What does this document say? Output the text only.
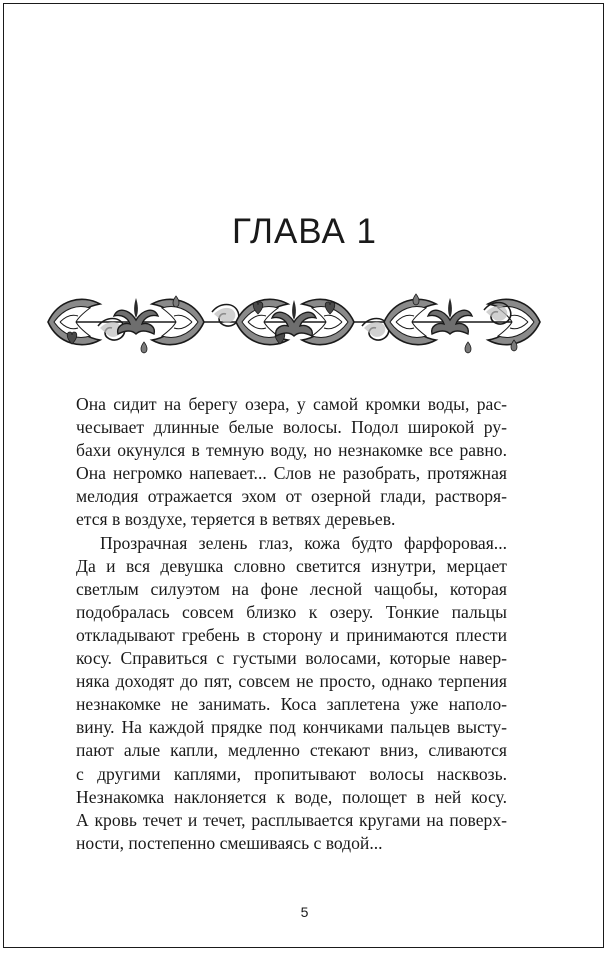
ГЛАВА 1
Она сидит на берегу озера, у самой кромки воды, рас-
чесывает длинные белые волосы. Подол широкой ру-
бахи окунулся в темную воду, но незнакомке все равно.
Она негромко напевает... Слов не разобрать, протяжная
мелодия отражается эхом от озерной глади, растворя-
ется в воздухе, теряется в ветвях деревьев.
Прозрачная зелень глаз, кожа будто фарфоровая...
Да и вся девушка словно светится изнутри, мерцает
светлым силуэтом на фоне лесной чащобы, которая
подобралась совсем близко к озеру. Тонкие пальцы
откладывают гребень в сторону и принимаются плести
косу. Справиться с густыми волосами, которые навер-
няка доходят до пят, совсем не просто, однако терпения
незнакомке не занимать. Коса заплетена уже наполо-
вину. На каждой прядке под кончиками пальцев высту-
пают алые капли, медленно стекают вниз, сливаются
с другими каплями, пропитывают волосы насквозь.
Незнакомка наклоняется к воде, полощет в ней косу.
А кровь течет и течет, расплывается кругами на поверх-
ности, постепенно смешиваясь с водой...
5
